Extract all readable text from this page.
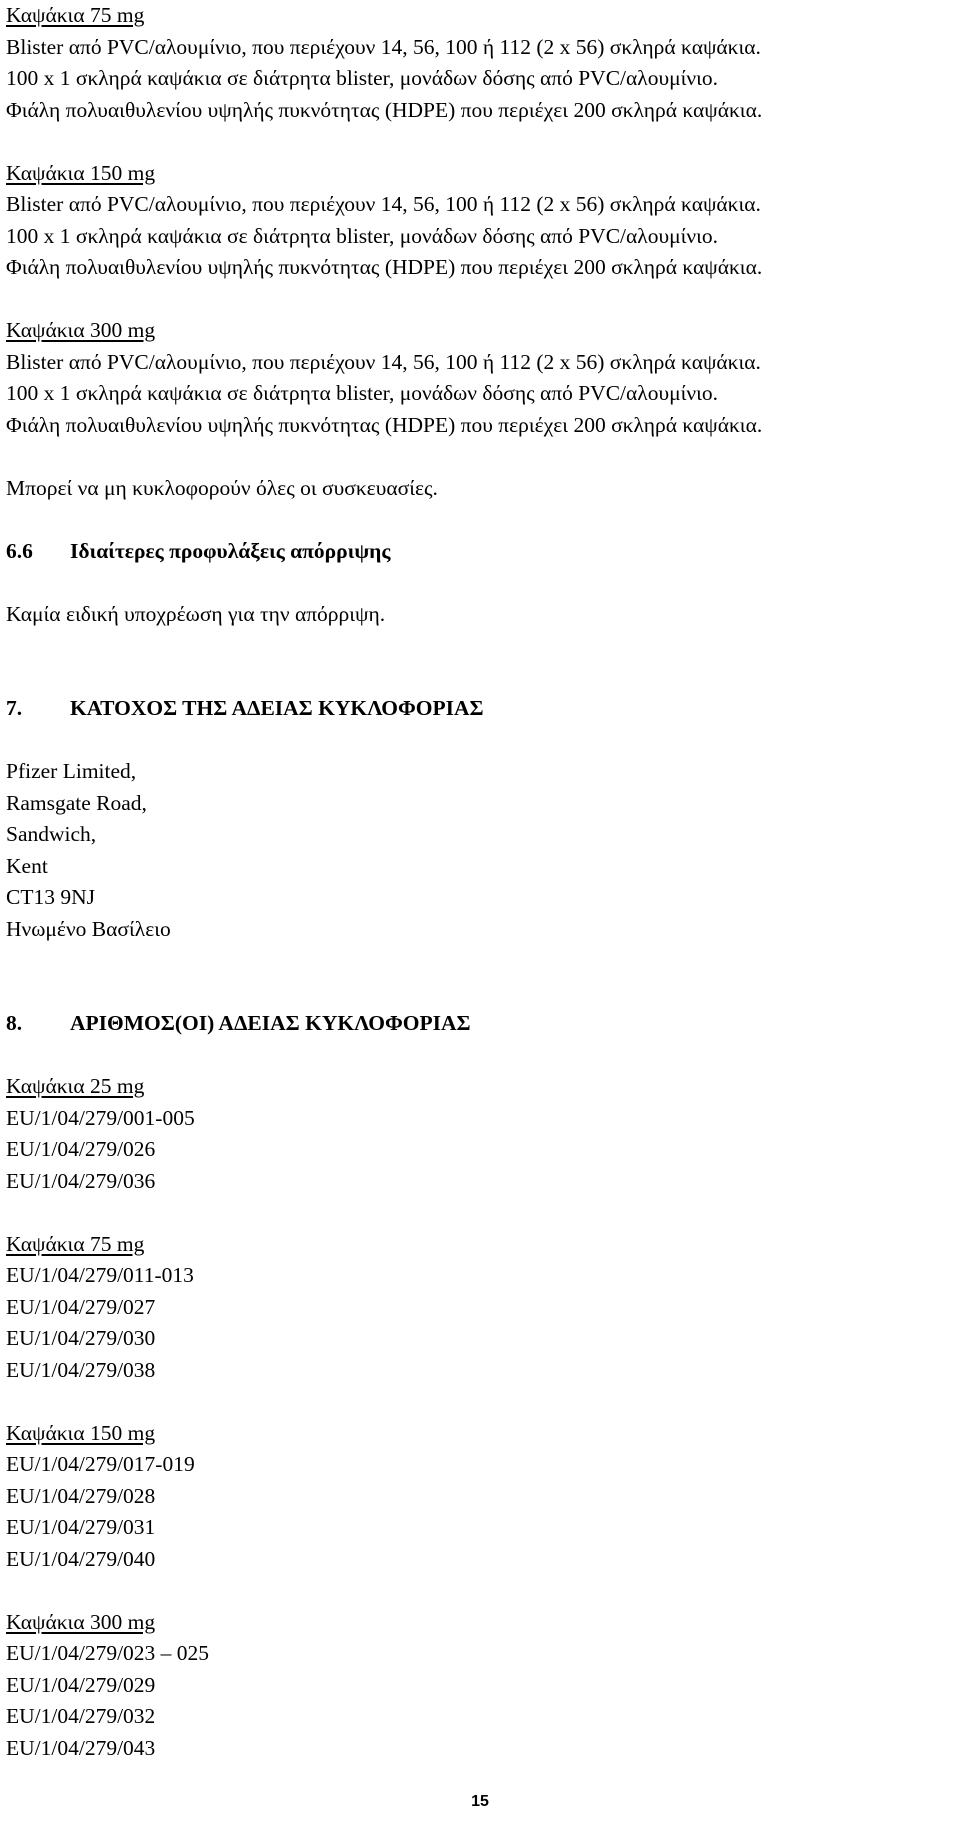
Καψάκια 75 mg
Blister από PVC/αλουμίνιο, που περιέχουν 14, 56, 100 ή 112 (2 x 56) σκληρά καψάκια.
100 x 1 σκληρά καψάκια σε διάτρητα blister, μονάδων δόσης από PVC/αλουμίνιο.
Φιάλη πολυαιθυλενίου υψηλής πυκνότητας (HDPE) που περιέχει 200 σκληρά καψάκια.
Καψάκια 150 mg
Blister από PVC/αλουμίνιο, που περιέχουν 14, 56, 100 ή 112 (2 x 56) σκληρά καψάκια.
100 x 1 σκληρά καψάκια σε διάτρητα blister, μονάδων δόσης από PVC/αλουμίνιο.
Φιάλη πολυαιθυλενίου υψηλής πυκνότητας (HDPE) που περιέχει 200 σκληρά καψάκια.
Καψάκια 300 mg
Blister από PVC/αλουμίνιο, που περιέχουν 14, 56, 100 ή 112 (2 x 56) σκληρά καψάκια.
100 x 1 σκληρά καψάκια σε διάτρητα blister, μονάδων δόσης από PVC/αλουμίνιο.
Φιάλη πολυαιθυλενίου υψηλής πυκνότητας (HDPE) που περιέχει 200 σκληρά καψάκια.
Μπορεί να μη κυκλοφορούν όλες οι συσκευασίες.
6.6	Ιδιαίτερες προφυλάξεις απόρριψης
Καμία ειδική υποχρέωση για την απόρριψη.
7.	ΚΑΤΟΧΟΣ ΤΗΣ ΑΔΕΙΑΣ ΚΥΚΛΟΦΟΡΙΑΣ
Pfizer Limited,
Ramsgate Road,
Sandwich,
Kent
CT13 9NJ
Ηνωμένο Βασίλειο
8.	ΑΡΙΘΜΟΣ(ΟΙ) ΑΔΕΙΑΣ ΚΥΚΛΟΦΟΡΙΑΣ
Καψάκια 25 mg
EU/1/04/279/001-005
EU/1/04/279/026
EU/1/04/279/036
Καψάκια 75 mg
EU/1/04/279/011-013
EU/1/04/279/027
EU/1/04/279/030
EU/1/04/279/038
Καψάκια 150 mg
EU/1/04/279/017-019
EU/1/04/279/028
EU/1/04/279/031
EU/1/04/279/040
Καψάκια 300 mg
EU/1/04/279/023 – 025
EU/1/04/279/029
EU/1/04/279/032
EU/1/04/279/043
15
